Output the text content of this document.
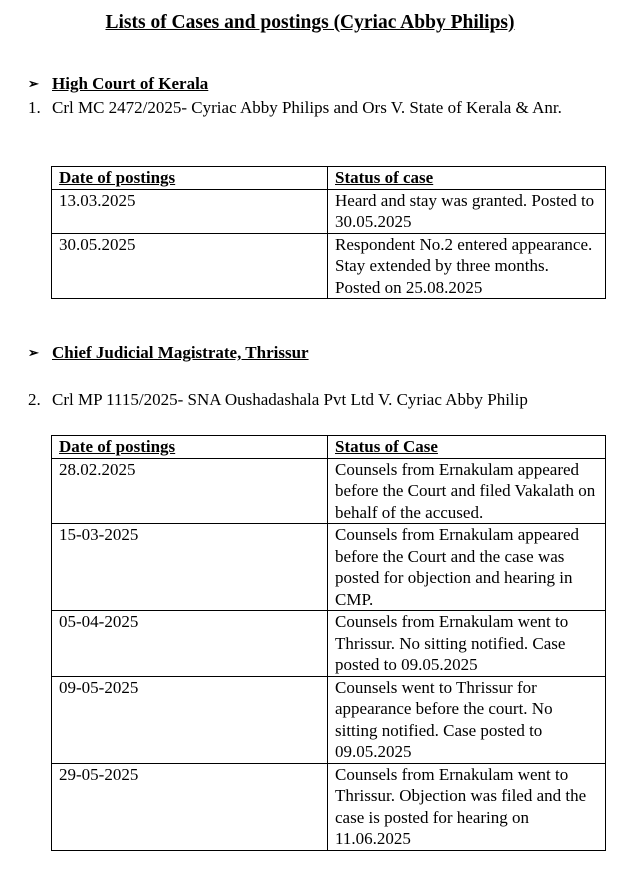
Lists of Cases and postings (Cyriac Abby Philips)
➢ High Court of Kerala
1. Crl MC 2472/2025- Cyriac Abby Philips and Ors V. State of Kerala & Anr.
Date of postings	Status of case
13.03.2025	Heard and stay was granted. Posted to 30.05.2025
30.05.2025	Respondent No.2 entered appearance. Stay extended by three months. Posted on 25.08.2025
➢ Chief Judicial Magistrate, Thrissur
2. Crl MP 1115/2025- SNA Oushadashala Pvt Ltd V. Cyriac Abby Philip
Date of postings	Status of Case
28.02.2025	Counsels from Ernakulam appeared before the Court and filed Vakalath on behalf of the accused.
15-03-2025	Counsels from Ernakulam appeared before the Court and the case was posted for objection and hearing in CMP.
05-04-2025	Counsels from Ernakulam went to Thrissur. No sitting notified. Case posted to 09.05.2025
09-05-2025	Counsels went to Thrissur for appearance before the court. No sitting notified. Case posted to 09.05.2025
29-05-2025	Counsels from Ernakulam went to Thrissur. Objection was filed and the case is posted for hearing on 11.06.2025
